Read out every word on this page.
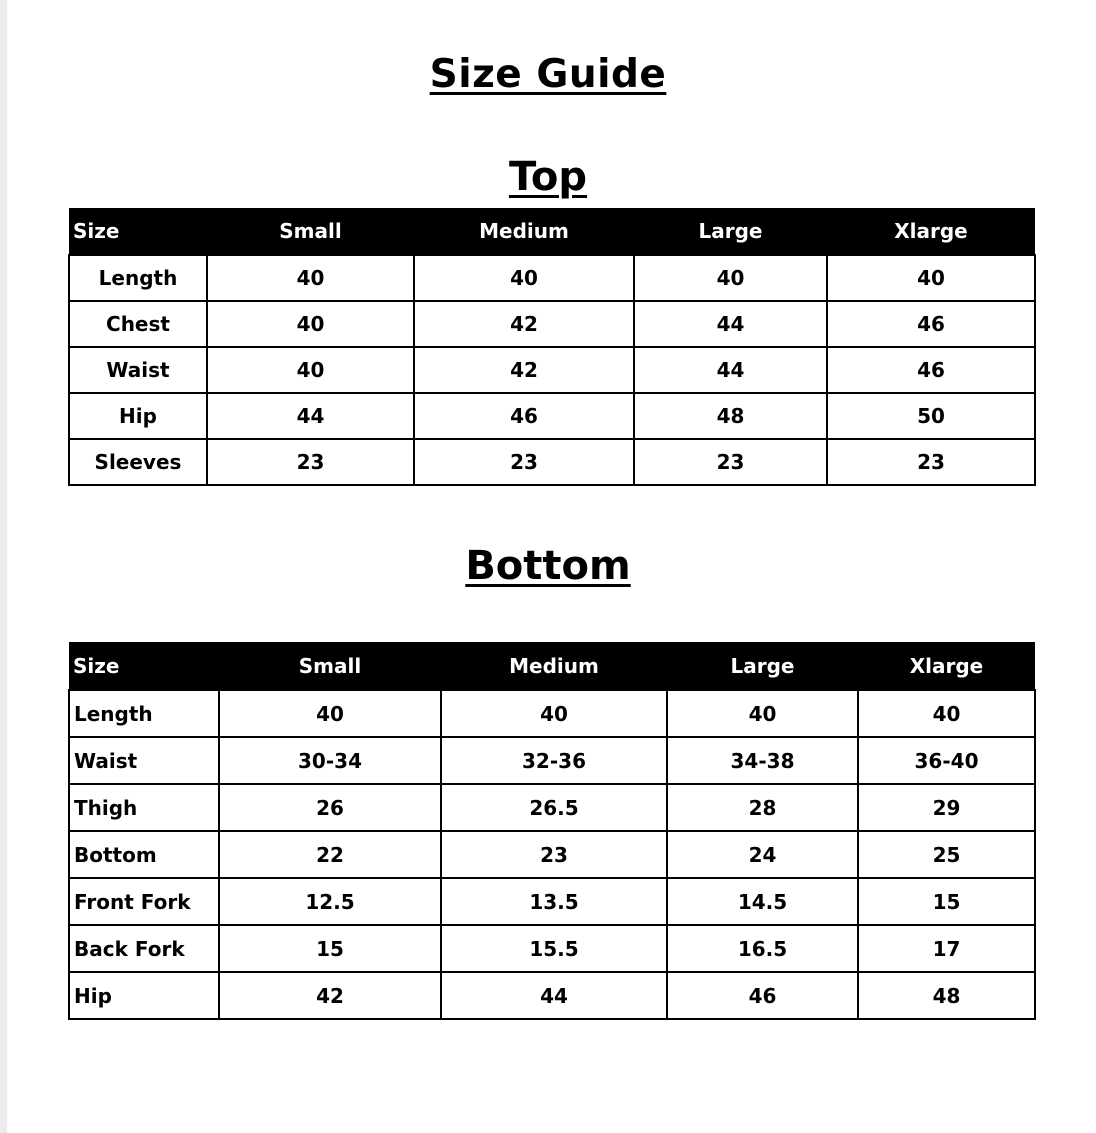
Size Guide
Top
Size	Small	Medium	Large	Xlarge
Length	40	40	40	40
Chest	40	42	44	46
Waist	40	42	44	46
Hip	44	46	48	50
Sleeves	23	23	23	23
Bottom
Size	Small	Medium	Large	Xlarge
Length	40	40	40	40
Waist	30-34	32-36	34-38	36-40
Thigh	26	26.5	28	29
Bottom	22	23	24	25
Front Fork	12.5	13.5	14.5	15
Back Fork	15	15.5	16.5	17
Hip	42	44	46	48
